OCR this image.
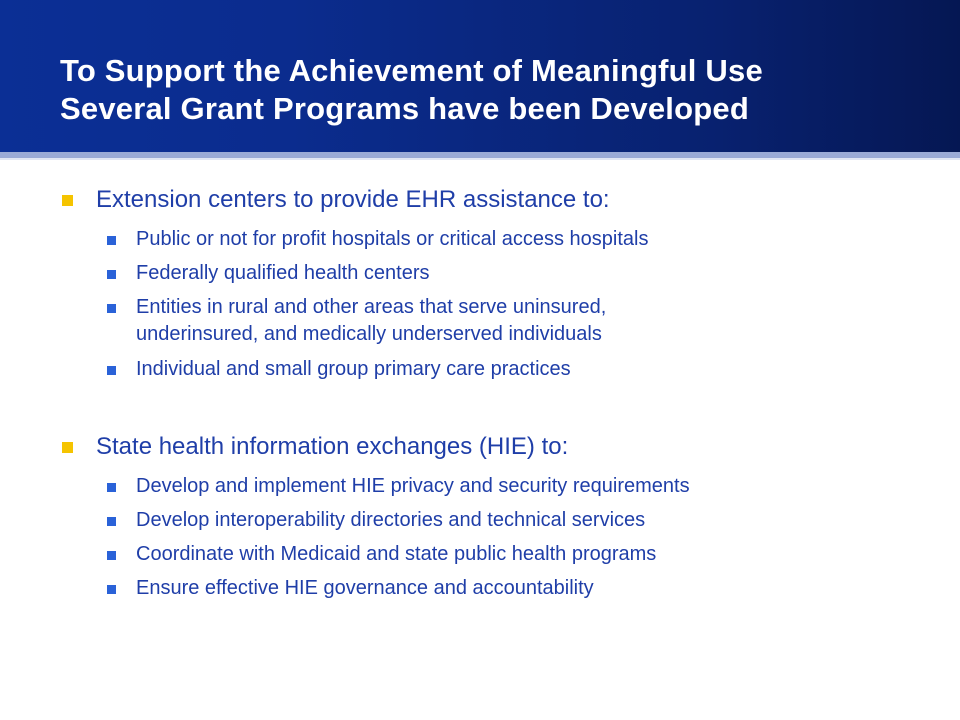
To Support the Achievement of Meaningful Use
Several Grant Programs have been Developed
Extension centers to provide EHR assistance to:
Public or not for profit hospitals or critical access hospitals
Federally qualified health centers
Entities in rural and other areas that serve uninsured,
underinsured, and medically underserved individuals
Individual and small group primary care practices
State health information exchanges (HIE) to:
Develop and implement HIE privacy and security requirements
Develop interoperability directories and technical services
Coordinate with Medicaid and state public health programs
Ensure effective HIE governance and accountability
